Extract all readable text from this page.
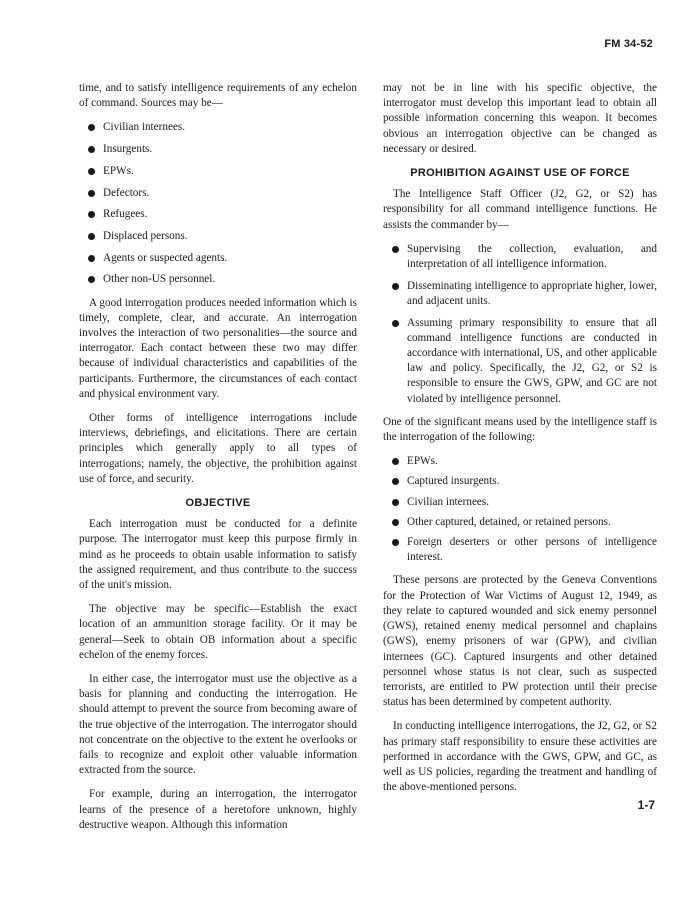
FM 34-52

time, and to satisfy intelligence requirements of any echelon of command. Sources may be—

Civilian internees.
Insurgents.
EPWs.
Defectors.
Refugees.
Displaced persons.
Agents or suspected agents.
Other non-US personnel.

A good interrogation produces needed information which is timely, complete, clear, and accurate. An interrogation involves the interaction of two personalities—the source and interrogator. Each contact between these two may differ because of individual characteristics and capabilities of the participants. Furthermore, the circumstances of each contact and physical environment vary.

Other forms of intelligence interrogations include interviews, debriefings, and elicitations. There are certain principles which generally apply to all types of interrogations; namely, the objective, the prohibition against use of force, and security.

OBJECTIVE

Each interrogation must be conducted for a definite purpose. The interrogator must keep this purpose firmly in mind as he proceeds to obtain usable information to satisfy the assigned requirement, and thus contribute to the success of the unit's mission.

The objective may be specific—Establish the exact location of an ammunition storage facility. Or it may be general—Seek to obtain OB information about a specific echelon of the enemy forces.

In either case, the interrogator must use the objective as a basis for planning and conducting the interrogation. He should attempt to prevent the source from becoming aware of the true objective of the interrogation. The interrogator should not concentrate on the objective to the extent he overlooks or fails to recognize and exploit other valuable information extracted from the source.

For example, during an interrogation, the interrogator learns of the presence of a heretofore unknown, highly destructive weapon. Although this information

may not be in line with his specific objective, the interrogator must develop this important lead to obtain all possible information concerning this weapon. It becomes obvious an interrogation objective can be changed as necessary or desired.

PROHIBITION AGAINST USE OF FORCE

The Intelligence Staff Officer (J2, G2, or S2) has responsibility for all command intelligence functions. He assists the commander by—

Supervising the collection, evaluation, and interpretation of all intelligence information.
Disseminating intelligence to appropriate higher, lower, and adjacent units.
Assuming primary responsibility to ensure that all command intelligence functions are conducted in accordance with international, US, and other applicable law and policy. Specifically, the J2, G2, or S2 is responsible to ensure the GWS, GPW, and GC are not violated by intelligence personnel.

One of the significant means used by the intelligence staff is the interrogation of the following:

EPWs.
Captured insurgents.
Civilian internees.
Other captured, detained, or retained persons.
Foreign deserters or other persons of intelligence interest.

These persons are protected by the Geneva Conventions for the Protection of War Victims of August 12, 1949, as they relate to captured wounded and sick enemy personnel (GWS), retained enemy medical personnel and chaplains (GWS), enemy prisoners of war (GPW), and civilian internees (GC). Captured insurgents and other detained personnel whose status is not clear, such as suspected terrorists, are entitled to PW protection until their precise status has been determined by competent authority.

In conducting intelligence interrogations, the J2, G2, or S2 has primary staff responsibility to ensure these activities are performed in accordance with the GWS, GPW, and GC, as well as US policies, regarding the treatment and handling of the above-mentioned persons.

1-7
